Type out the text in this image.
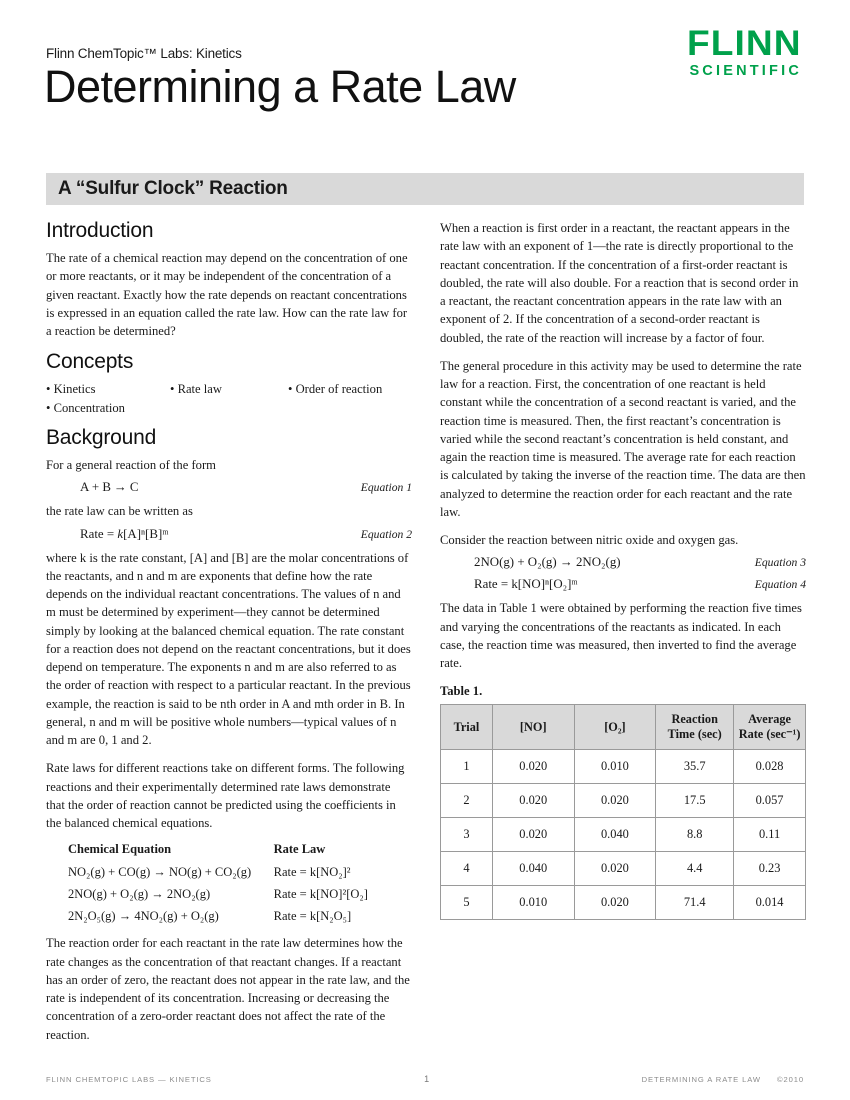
FLINN
SCIENTIFIC
Flinn ChemTopic™ Labs: Kinetics
Determining a Rate Law
A “Sulfur Clock” Reaction
Introduction

The rate of a chemical reaction may depend on the concentration of one or more reactants, or it may be independent of the concentration of a given reactant. Exactly how the rate depends on reactant concentrations is expressed in an equation called the rate law. How can the rate law for a reaction be determined?

Concepts
• Kinetics	• Rate law	• Order of reaction
• Concentration
Background

For a general reaction of the form

A + B → C	Equation 1

the rate law can be written as

Rate = k[A]ⁿ[B]ᵐ	Equation 2

where k is the rate constant, [A] and [B] are the molar concentrations of the reactants, and n and m are exponents that define how the rate depends on the individual reactant concentrations. The values of n and m must be determined by experiment—they cannot be determined simply by looking at the balanced chemical equation. The rate constant for a reaction does not depend on the reactant concentrations, but it does depend on temperature. The exponents n and m are also referred to as the order of reaction with respect to a particular reactant. In the previous example, the reaction is said to be nth order in A and mth order in B. In general, n and m will be positive whole numbers—typical values of n and m are 0, 1 and 2.

Rate laws for different reactions take on different forms. The following reactions and their experimentally determined rate laws demonstrate that the order of reaction cannot be predicted using the coefficients in the balanced chemical equations.

Chemical Equation	Rate Law
NO₂(g) + CO(g) → NO(g) + CO₂(g)	Rate = k[NO₂]²
2NO(g) + O₂(g) → 2NO₂(g)	Rate = k[NO]²[O₂]
2N₂O₅(g) → 4NO₂(g) + O₂(g)	Rate = k[N₂O₅]

The reaction order for each reactant in the rate law determines how the rate changes as the concentration of that reactant changes. If a reactant has an order of zero, the reactant does not appear in the rate law, and the rate is independent of its concentration. Increasing or decreasing the concentration of a zero-order reactant does not affect the rate of the reaction.

When a reaction is first order in a reactant, the reactant appears in the rate law with an exponent of 1—the rate is directly proportional to the reactant concentration. If the concentration of a first-order reactant is doubled, the rate will also double. For a reaction that is second order in a reactant, the reactant concentration appears in the rate law with an exponent of 2. If the concentration of a second-order reactant is doubled, the rate of the reaction will increase by a factor of four.

The general procedure in this activity may be used to determine the rate law for a reaction. First, the concentration of one reactant is held constant while the concentration of a second reactant is varied, and the reaction time is measured. Then, the first reactant’s concentration is varied while the second reactant’s concentration is held constant, and again the reaction time is measured. The average rate for each reaction is calculated by taking the inverse of the reaction time. The data are then analyzed to determine the reaction order for each reactant and the rate law.

Consider the reaction between nitric oxide and oxygen gas.

2NO(g) + O₂(g) → 2NO₂(g)	Equation 3
Rate = k[NO]ⁿ[O₂]ᵐ	Equation 4

The data in Table 1 were obtained by performing the reaction five times and varying the concentrations of the reactants as indicated. In each case, the reaction time was measured, then inverted to find the average rate.

Table 1.
Trial	[NO]	[O₂]	Reaction Time (sec)	Average Rate (sec⁻¹)
1	0.020	0.010	35.7	0.028
2	0.020	0.020	17.5	0.057
3	0.020	0.040	8.8	0.11
4	0.040	0.020	4.4	0.23
5	0.010	0.020	71.4	0.014
FLINN CHEMTOPIC LABS — KINETICS	1	DETERMINING A RATE LAW ©2010
